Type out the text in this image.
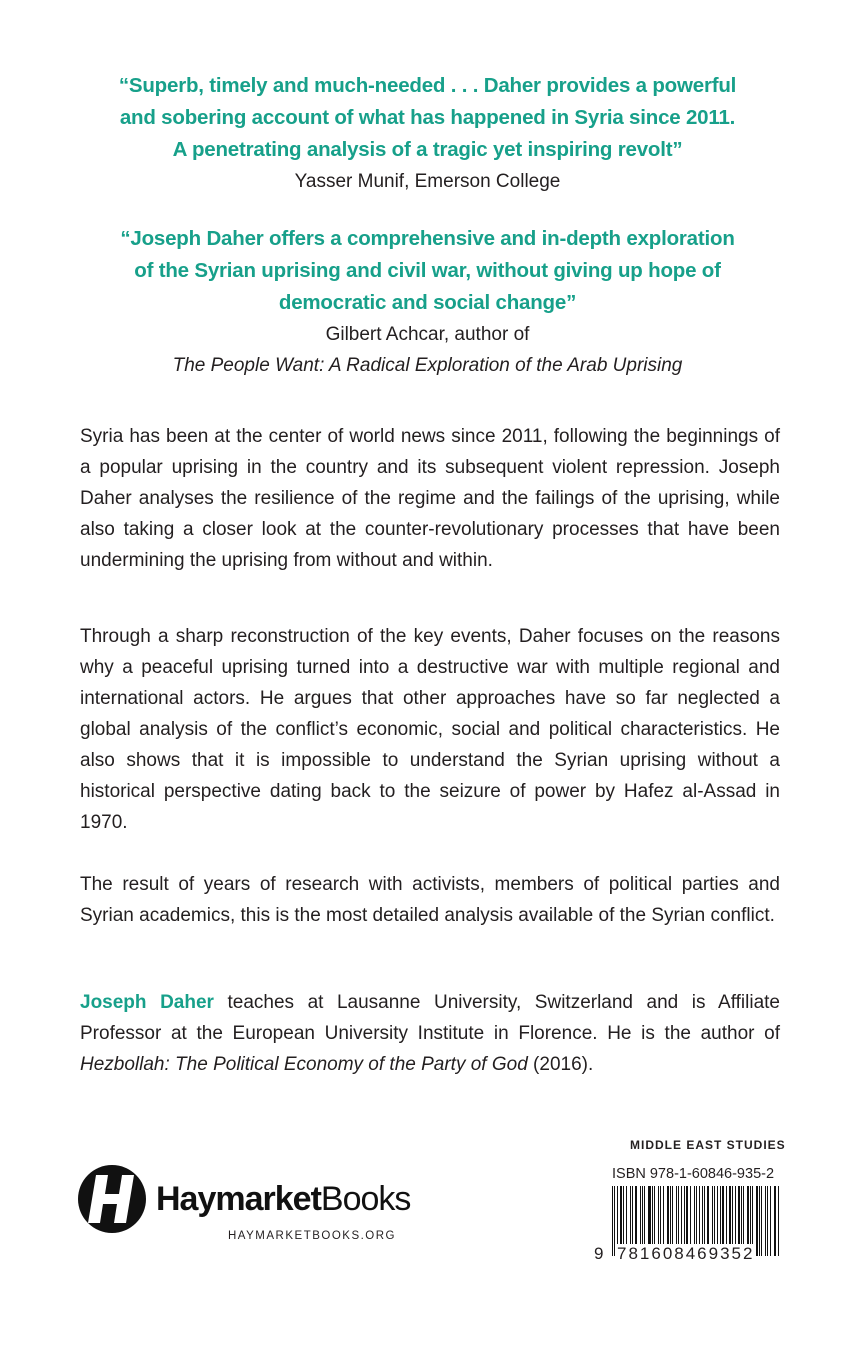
“Superb, timely and much-needed . . . Daher provides a powerful
and sobering account of what has happened in Syria since 2011.
A penetrating analysis of a tragic yet inspiring revolt”
Yasser Munif, Emerson College
“Joseph Daher offers a comprehensive and in-depth exploration
of the Syrian uprising and civil war, without giving up hope of
democratic and social change”
Gilbert Achcar, author of
The People Want: A Radical Exploration of the Arab Uprising

Syria has been at the center of world news since 2011, following the beginnings of a popular uprising in the country and its subsequent violent repression. Joseph Daher analyses the resilience of the regime and the failings of the uprising, while also taking a closer look at the counter-revolutionary processes that have been undermining the uprising from without and within.

Through a sharp reconstruction of the key events, Daher focuses on the reasons why a peaceful uprising turned into a destructive war with multiple regional and international actors. He argues that other approaches have so far neglected a global analysis of the conflict’s economic, social and political characteristics. He also shows that it is impossible to understand the Syrian uprising without a historical perspective dating back to the seizure of power by Hafez al-Assad in 1970.

The result of years of research with activists, members of political parties and Syrian academics, this is the most detailed analysis available of the Syrian conflict.

Joseph Daher teaches at Lausanne University, Switzerland and is Affiliate Professor at the European University Institute in Florence. He is the author of Hezbollah: The Political Economy of the Party of God (2016).

HaymarketBooks
HAYMARKETBOOKS.ORG
MIDDLE EAST STUDIES
ISBN 978-1-60846-935-2
9 781608469352
